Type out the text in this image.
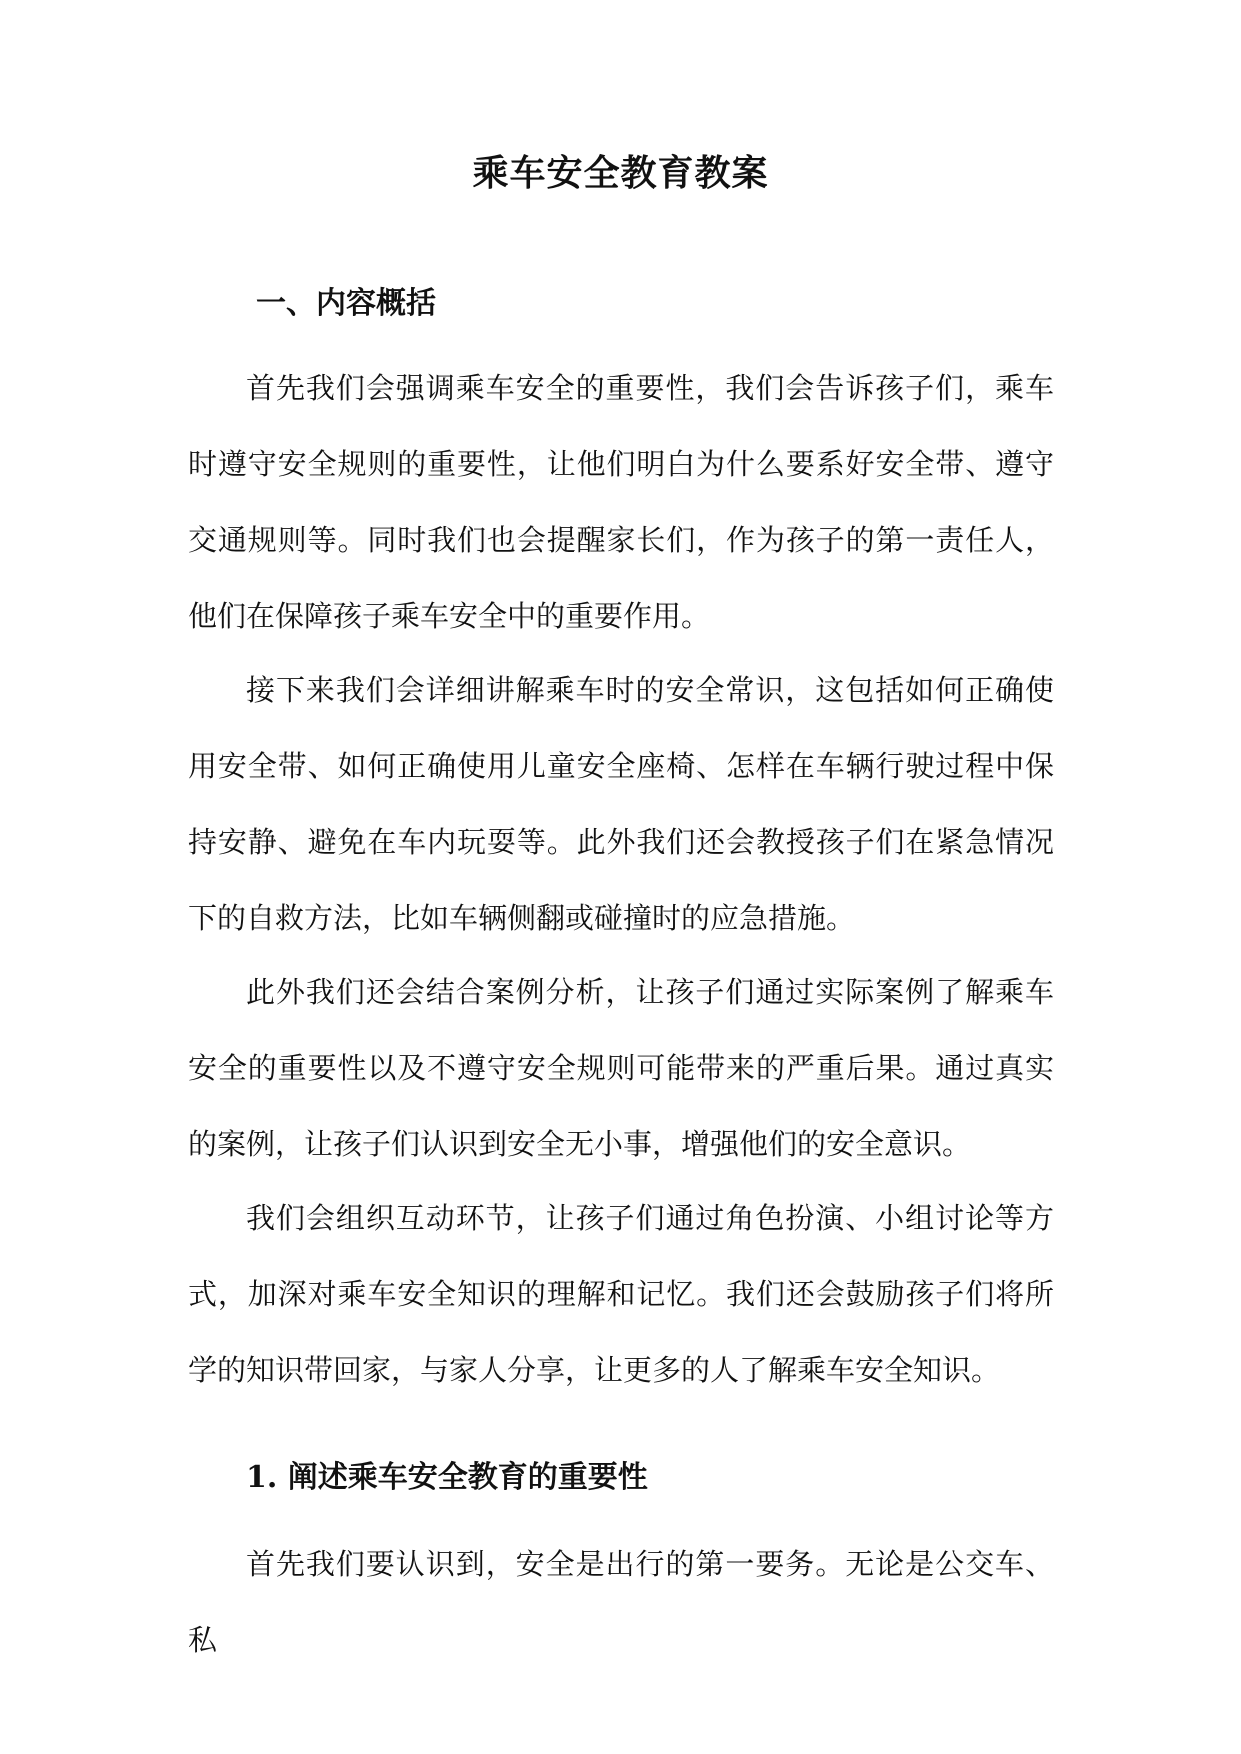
乘车安全教育教案
一、内容概括

首先我们会强调乘车安全的重要性，我们会告诉孩子们，乘车时遵守安全规则的重要性，让他们明白为什么要系好安全带、遵守交通规则等。同时我们也会提醒家长们，作为孩子的第一责任人，他们在保障孩子乘车安全中的重要作用。

接下来我们会详细讲解乘车时的安全常识，这包括如何正确使用安全带、如何正确使用儿童安全座椅、怎样在车辆行驶过程中保持安静、避免在车内玩耍等。此外我们还会教授孩子们在紧急情况下的自救方法，比如车辆侧翻或碰撞时的应急措施。

此外我们还会结合案例分析，让孩子们通过实际案例了解乘车安全的重要性以及不遵守安全规则可能带来的严重后果。通过真实的案例，让孩子们认识到安全无小事，增强他们的安全意识。

我们会组织互动环节，让孩子们通过角色扮演、小组讨论等方式，加深对乘车安全知识的理解和记忆。我们还会鼓励孩子们将所学的知识带回家，与家人分享，让更多的人了解乘车安全知识。

1. 阐述乘车安全教育的重要性

首先我们要认识到，安全是出行的第一要务。无论是公交车、私
